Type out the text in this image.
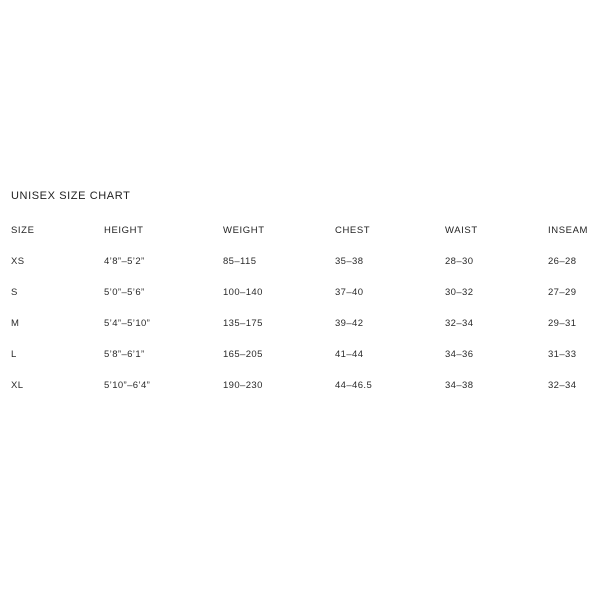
UNISEX SIZE CHART
SIZE	HEIGHT	WEIGHT	CHEST	WAIST	INSEAM
XS	4’8”–5’2”	85–115	35–38	28–30	26–28
S	5’0”–5’6”	100–140	37–40	30–32	27–29
M	5’4”–5’10”	135–175	39–42	32–34	29–31
L	5’8”–6’1”	165–205	41–44	34–36	31–33
XL	5’10”–6’4”	190–230	44–46.5	34–38	32–34
